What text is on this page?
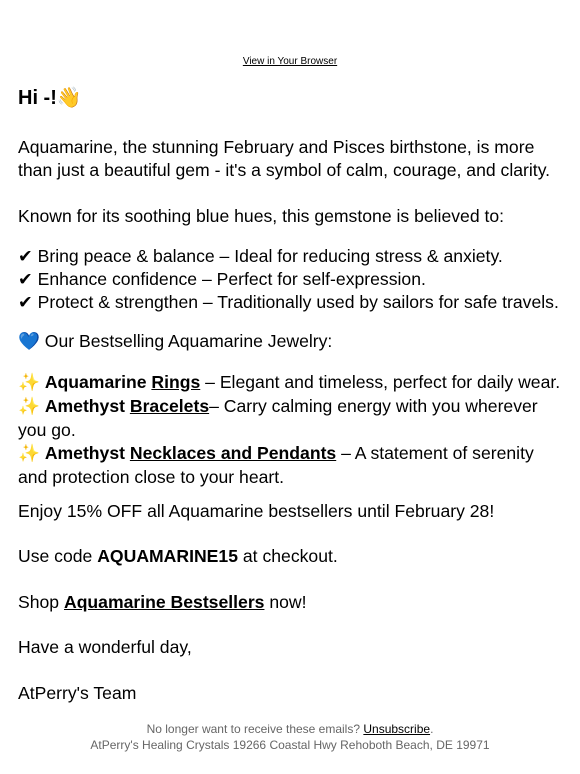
View in Your Browser

Hi -!👋

Aquamarine, the stunning February and Pisces birthstone, is more than just a beautiful gem - it's a symbol of calm, courage, and clarity.

Known for its soothing blue hues, this gemstone is believed to:

✔ Bring peace & balance – Ideal for reducing stress & anxiety.
✔ Enhance confidence – Perfect for self-expression.
✔ Protect & strengthen – Traditionally used by sailors for safe travels.

💙 Our Bestselling Aquamarine Jewelry:

✨ Aquamarine Rings – Elegant and timeless, perfect for daily wear.
✨ Amethyst Bracelets– Carry calming energy with you wherever you go.
✨ Amethyst Necklaces and Pendants – A statement of serenity and protection close to your heart.

Enjoy 15% OFF all Aquamarine bestsellers until February 28!

Use code AQUAMARINE15 at checkout.

Shop Aquamarine Bestsellers now!

Have a wonderful day,

AtPerry's Team

No longer want to receive these emails? Unsubscribe.
AtPerry's Healing Crystals 19266 Coastal Hwy Rehoboth Beach, DE 19971
